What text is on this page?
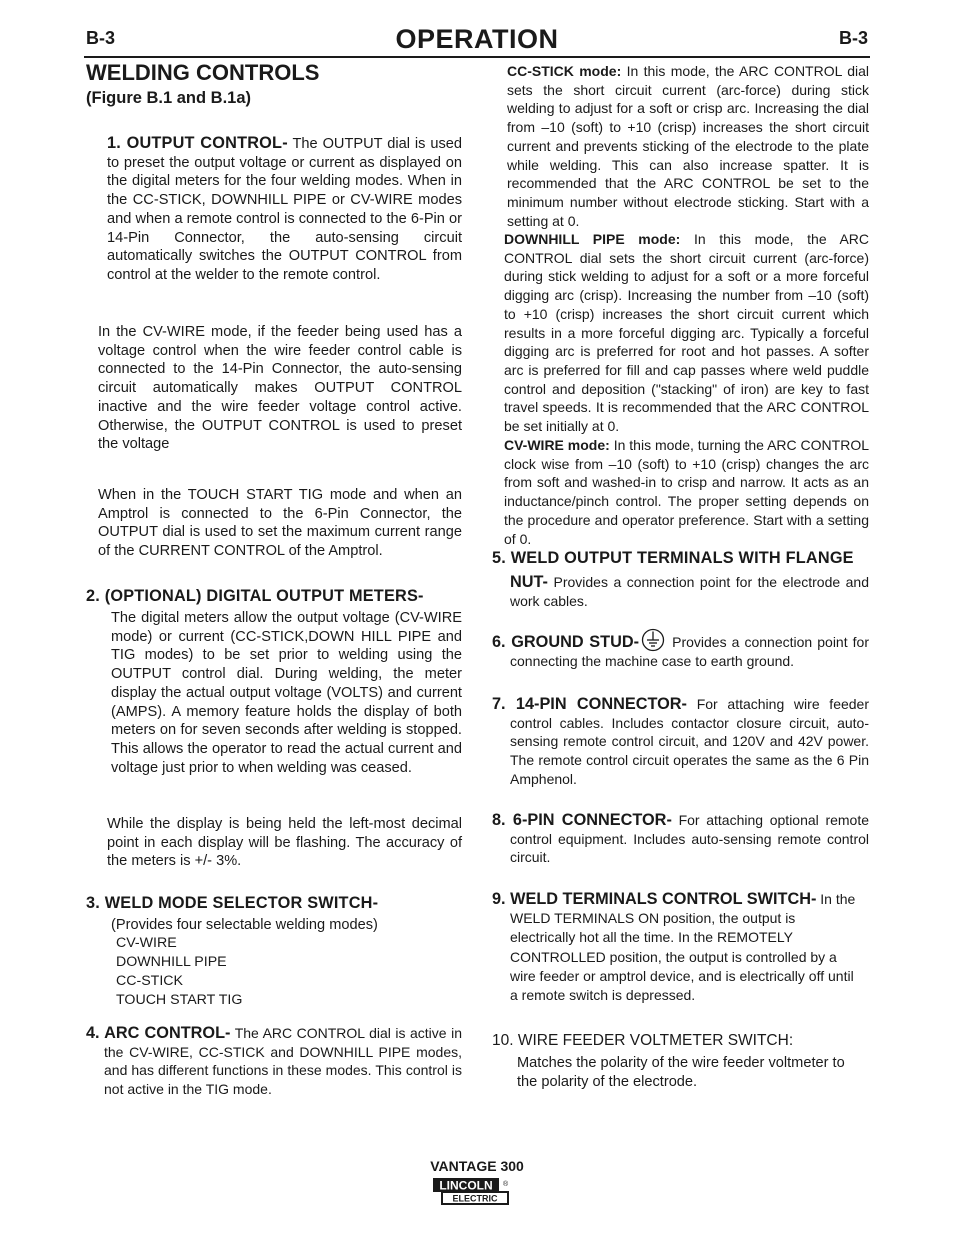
B-3	B-3
OPERATION
WELDING CONTROLS
(Figure B.1 and B.1a)
1. OUTPUT CONTROL- The OUTPUT dial is used to preset the output voltage or current as displayed on the digital meters for the four welding modes. When in the CC-STICK, DOWNHILL PIPE or CV-WIRE modes and when a remote control is connected to the 6-Pin or 14-Pin Connector, the auto-sensing circuit automatically switches the OUTPUT CONTROL from control at the welder to the remote control.
In the CV-WIRE mode, if the feeder being used has a voltage control when the wire feeder control cable is connected to the 14-Pin Connector, the auto-sensing circuit automatically makes OUTPUT CONTROL inactive and the wire feeder voltage control active. Otherwise, the OUTPUT CONTROL is used to preset the voltage
When in the TOUCH START TIG mode and when an Amptrol is connected to the 6-Pin Connector, the OUTPUT dial is used to set the maximum current range of the CURRENT CONTROL of the Amptrol.
2. (OPTIONAL) DIGITAL OUTPUT METERS-
The digital meters allow the output voltage (CV-WIRE mode) or current (CC-STICK,DOWN HILL PIPE and TIG modes) to be set prior to welding using the OUTPUT control dial. During welding, the meter display the actual output voltage (VOLTS) and current (AMPS). A memory feature holds the display of both meters on for seven seconds after welding is stopped. This allows the operator to read the actual current and voltage just prior to when welding was ceased.
While the display is being held the left-most decimal point in each display will be flashing. The accuracy of the meters is +/- 3%.
3. WELD MODE SELECTOR SWITCH-
(Provides four selectable welding modes)
CV-WIRE
DOWNHILL PIPE
CC-STICK
TOUCH START TIG
4. ARC CONTROL- The ARC CONTROL dial is active in the CV-WIRE, CC-STICK and DOWNHILL PIPE modes, and has different functions in these modes. This control is not active in the TIG mode.
CC-STICK mode: In this mode, the ARC CONTROL dial sets the short circuit current (arc-force) during stick welding to adjust for a soft or crisp arc. Increasing the dial from –10 (soft) to +10 (crisp) increases the short circuit current and prevents sticking of the electrode to the plate while welding. This can also increase spatter. It is recommended that the ARC CONTROL be set to the minimum number without electrode sticking. Start with a setting at 0.
DOWNHILL PIPE mode: In this mode, the ARC CONTROL dial sets the short circuit current (arc-force) during stick welding to adjust for a soft or a more forceful digging arc (crisp). Increasing the number from –10 (soft) to +10 (crisp) increases the short circuit current which results in a more forceful digging arc. Typically a forceful digging arc is preferred for root and hot passes. A softer arc is preferred for fill and cap passes where weld puddle control and deposition ("stacking" of iron) are key to fast travel speeds. It is recommended that the ARC CONTROL be set initially at 0.
CV-WIRE mode: In this mode, turning the ARC CONTROL clock wise from –10 (soft) to +10 (crisp) changes the arc from soft and washed-in to crisp and narrow. It acts as an inductance/pinch control. The proper setting depends on the procedure and operator preference. Start with a setting of 0.
5. WELD OUTPUT TERMINALS WITH FLANGE
NUT- Provides a connection point for the electrode and work cables.
6. GROUND STUD- Provides a connection point for connecting the machine case to earth ground.
7. 14-PIN CONNECTOR- For attaching wire feeder control cables. Includes contactor closure circuit, auto-sensing remote control circuit, and 120V and 42V power. The remote control circuit operates the same as the 6 Pin Amphenol.
8. 6-PIN CONNECTOR- For attaching optional remote control equipment. Includes auto-sensing remote control circuit.
9. WELD TERMINALS CONTROL SWITCH- In the WELD TERMINALS ON position, the output is electrically hot all the time. In the REMOTELY CONTROLLED position, the output is controlled by a wire feeder or amptrol device, and is electrically off until a remote switch is depressed.
10. WIRE FEEDER VOLTMETER SWITCH:
Matches the polarity of the wire feeder voltmeter to the polarity of the electrode.
VANTAGE 300
LINCOLN ®
ELECTRIC
